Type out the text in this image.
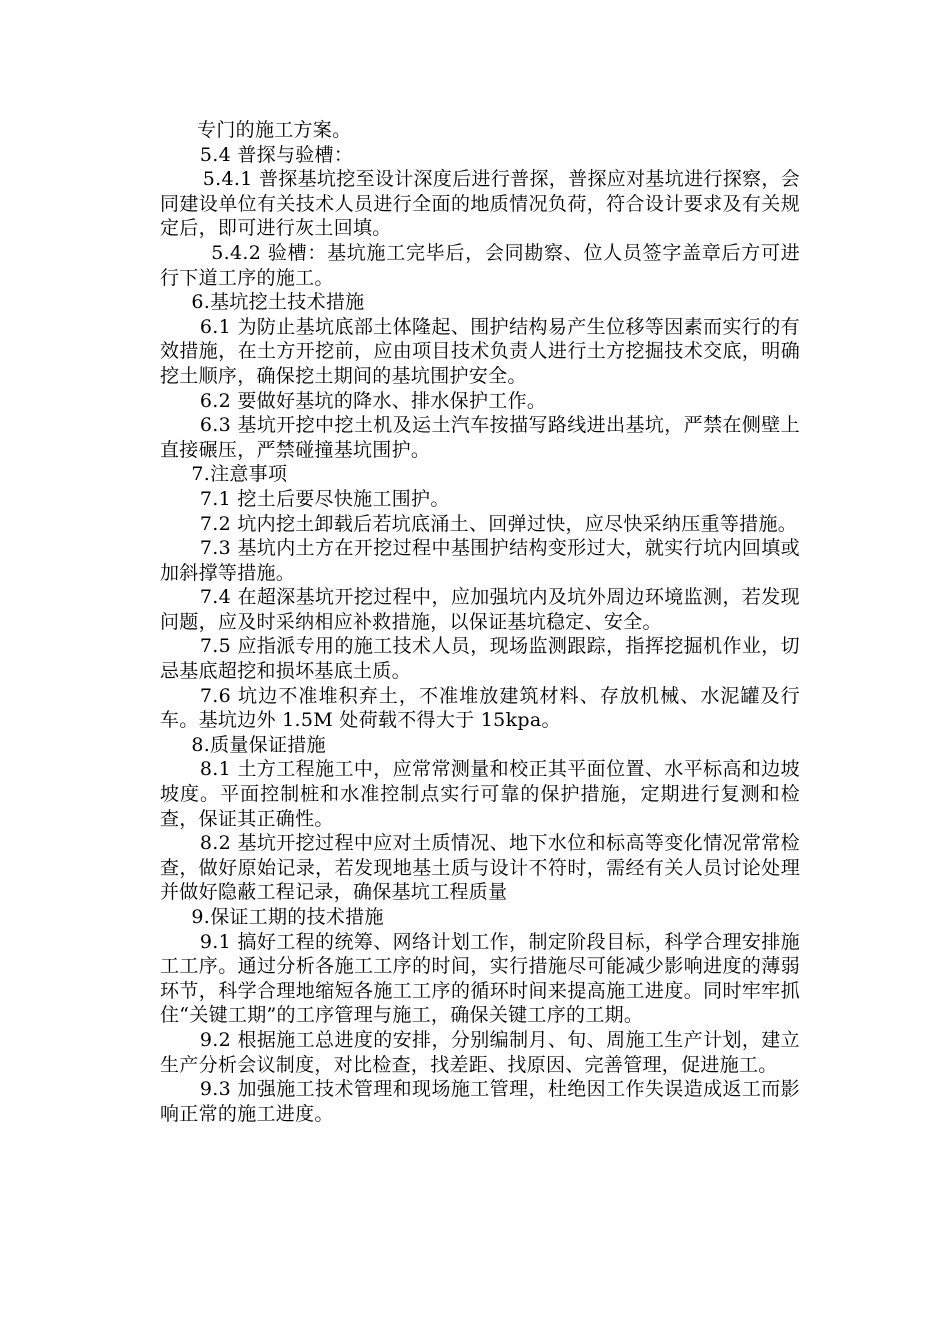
专门的施工方案。

5.4 普探与验槽：

5.4.1 普探基坑挖至设计深度后进行普探，普探应对基坑进行探察，会同建设单位有关技术人员进行全面的地质情况负荷，符合设计要求及有关规定后，即可进行灰土回填。

5.4.2 验槽：基坑施工完毕后，会同勘察、位人员签字盖章后方可进行下道工序的施工。

6.基坑挖土技术措施

6.1 为防止基坑底部土体隆起、围护结构易产生位移等因素而实行的有效措施，在土方开挖前，应由项目技术负责人进行土方挖掘技术交底，明确挖土顺序，确保挖土期间的基坑围护安全。

6.2 要做好基坑的降水、排水保护工作。

6.3 基坑开挖中挖土机及运土汽车按描写路线进出基坑，严禁在侧壁上直接碾压，严禁碰撞基坑围护。

7.注意事项

7.1 挖土后要尽快施工围护。

7.2 坑内挖土卸载后若坑底涌土、回弹过快，应尽快采纳压重等措施。

7.3 基坑内土方在开挖过程中基围护结构变形过大，就实行坑内回填或加斜撑等措施。

7.4 在超深基坑开挖过程中，应加强坑内及坑外周边环境监测，若发现问题，应及时采纳相应补救措施，以保证基坑稳定、安全。

7.5 应指派专用的施工技术人员，现场监测跟踪，指挥挖掘机作业，切忌基底超挖和损坏基底土质。

7.6 坑边不准堆积弃土，不准堆放建筑材料、存放机械、水泥罐及行车。基坑边外 1.5M 处荷载不得大于 15kpa。

8.质量保证措施

8.1 土方工程施工中，应常常测量和校正其平面位置、水平标高和边坡坡度。平面控制桩和水准控制点实行可靠的保护措施，定期进行复测和检查，保证其正确性。

8.2 基坑开挖过程中应对土质情况、地下水位和标高等变化情况常常检查，做好原始记录，若发现地基土质与设计不符时，需经有关人员讨论处理并做好隐蔽工程记录，确保基坑工程质量

9.保证工期的技术措施

9.1 搞好工程的统筹、网络计划工作，制定阶段目标，科学合理安排施工工序。通过分析各施工工序的时间，实行措施尽可能减少影响进度的薄弱环节，科学合理地缩短各施工工序的循环时间来提高施工进度。同时牢牢抓住“关键工期”的工序管理与施工，确保关键工序的工期。

9.2 根据施工总进度的安排，分别编制月、旬、周施工生产计划，建立生产分析会议制度，对比检查，找差距、找原因、完善管理，促进施工。

9.3 加强施工技术管理和现场施工管理，杜绝因工作失误造成返工而影响正常的施工进度。
